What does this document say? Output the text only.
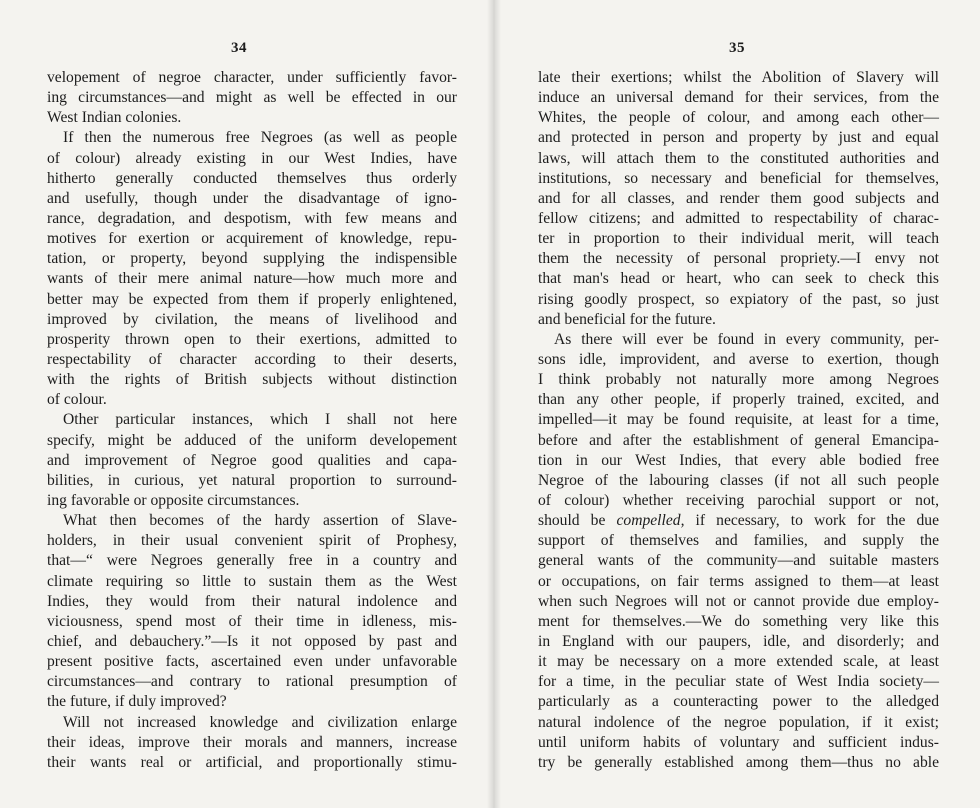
34
velopement of negroe character, under sufficiently favor-
ing circumstances—and might as well be effected in our
West Indian colonies.
If then the numerous free Negroes (as well as people
of colour) already existing in our West Indies, have
hitherto generally conducted themselves thus orderly
and usefully, though under the disadvantage of igno-
rance, degradation, and despotism, with few means and
motives for exertion or acquirement of knowledge, repu-
tation, or property, beyond supplying the indispensible
wants of their mere animal nature—how much more and
better may be expected from them if properly enlightened,
improved by civilation, the means of livelihood and
prosperity thrown open to their exertions, admitted to
respectability of character according to their deserts,
with the rights of British subjects without distinction
of colour.
Other particular instances, which I shall not here
specify, might be adduced of the uniform developement
and improvement of Negroe good qualities and capa-
bilities, in curious, yet natural proportion to surround-
ing favorable or opposite circumstances.
What then becomes of the hardy assertion of Slave-
holders, in their usual convenient spirit of Prophesy,
that—“ were Negroes generally free in a country and
climate requiring so little to sustain them as the West
Indies, they would from their natural indolence and
viciousness, spend most of their time in idleness, mis-
chief, and debauchery.”—Is it not opposed by past and
present positive facts, ascertained even under unfavorable
circumstances—and contrary to rational presumption of
the future, if duly improved?
Will not increased knowledge and civilization enlarge
their ideas, improve their morals and manners, increase
their wants real or artificial, and proportionally stimu-
35
late their exertions; whilst the Abolition of Slavery will
induce an universal demand for their services, from the
Whites, the people of colour, and among each other—
and protected in person and property by just and equal
laws, will attach them to the constituted authorities and
institutions, so necessary and beneficial for themselves,
and for all classes, and render them good subjects and
fellow citizens; and admitted to respectability of charac-
ter in proportion to their individual merit, will teach
them the necessity of personal propriety.—I envy not
that man's head or heart, who can seek to check this
rising goodly prospect, so expiatory of the past, so just
and beneficial for the future.
As there will ever be found in every community, per-
sons idle, improvident, and averse to exertion, though
I think probably not naturally more among Negroes
than any other people, if properly trained, excited, and
impelled—it may be found requisite, at least for a time,
before and after the establishment of general Emancipa-
tion in our West Indies, that every able bodied free
Negroe of the labouring classes (if not all such people
of colour) whether receiving parochial support or not,
should be compelled, if necessary, to work for the due
support of themselves and families, and supply the
general wants of the community—and suitable masters
or occupations, on fair terms assigned to them—at least
when such Negroes will not or cannot provide due employ-
ment for themselves.—We do something very like this
in England with our paupers, idle, and disorderly; and
it may be necessary on a more extended scale, at least
for a time, in the peculiar state of West India society—
particularly as a counteracting power to the alledged
natural indolence of the negroe population, if it exist;
until uniform habits of voluntary and sufficient indus-
try be generally established among them—thus no able
